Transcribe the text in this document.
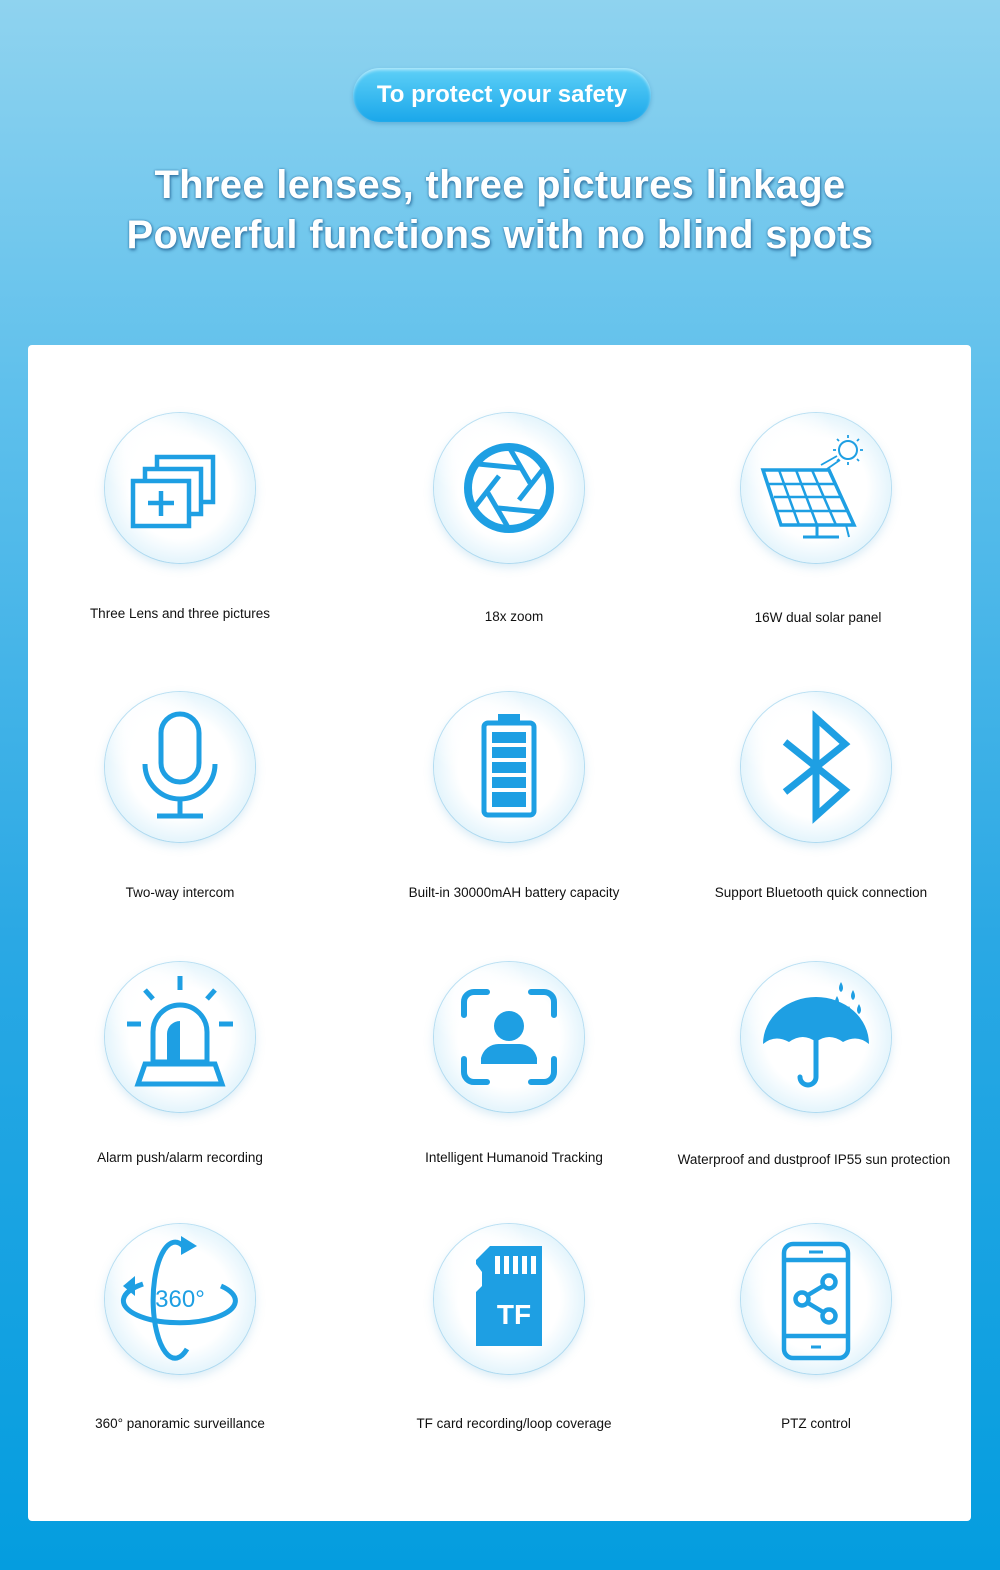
To protect your safety
Three lenses, three pictures linkage
Powerful functions with no blind spots
Three Lens and three pictures	18x zoom	16W dual solar panel
Two-way intercom	Built-in 30000mAH battery capacity	Support Bluetooth quick connection
Alarm push/alarm recording	Intelligent Humanoid Tracking	Waterproof and dustproof IP55 sun protection
360°
360° panoramic surveillance
TF
TF card recording/loop coverage	PTZ control
